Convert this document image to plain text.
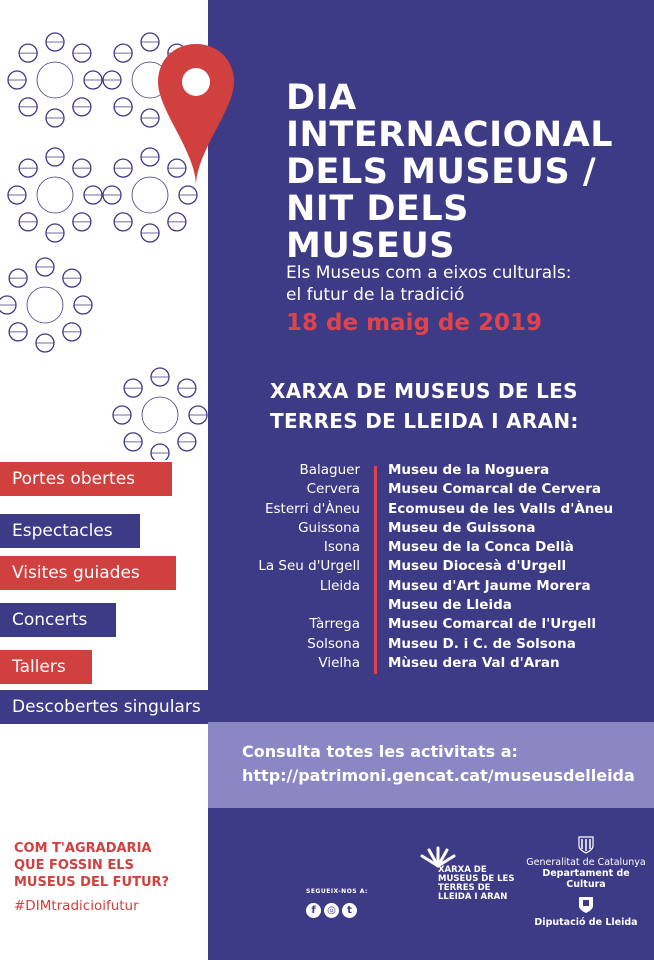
DIA
INTERNACIONAL
DELS MUSEUS /
NIT DELS
MUSEUS
Els Museus com a eixos culturals:
el futur de la tradició
18 de maig de 2019
XARXA DE MUSEUS DE LES
TERRES DE LLEIDA I ARAN:
Balaguer Museu de la Noguera
Cervera Museu Comarcal de Cervera
Esterri d'Àneu Ecomuseu de les Valls d'Àneu
Guissona Museu de Guissona
Isona Museu de la Conca Dellà
La Seu d'Urgell Museu Diocesà d'Urgell
Lleida Museu d'Art Jaume Morera
Museu de Lleida
Tàrrega Museu Comarcal de l'Urgell
Solsona Museu D. i C. de Solsona
Vielha Mùseu dera Val d'Aran
Portes obertes
Espectacles
Visites guiades
Concerts
Tallers
Descobertes singulars
Consulta totes les activitats a:
http://patrimoni.gencat.cat/museusdelleida
COM T'AGRADARIA
QUE FOSSIN ELS
MUSEUS DEL FUTUR?
#DIMtradicioifutur
SEGUEIX-NOS A:
f	◎	t
XARXA DE
MUSEUS DE LES
TERRES DE
LLEIDA I ARAN
Generalitat de Catalunya
Departament de Cultura
Diputació de Lleida
